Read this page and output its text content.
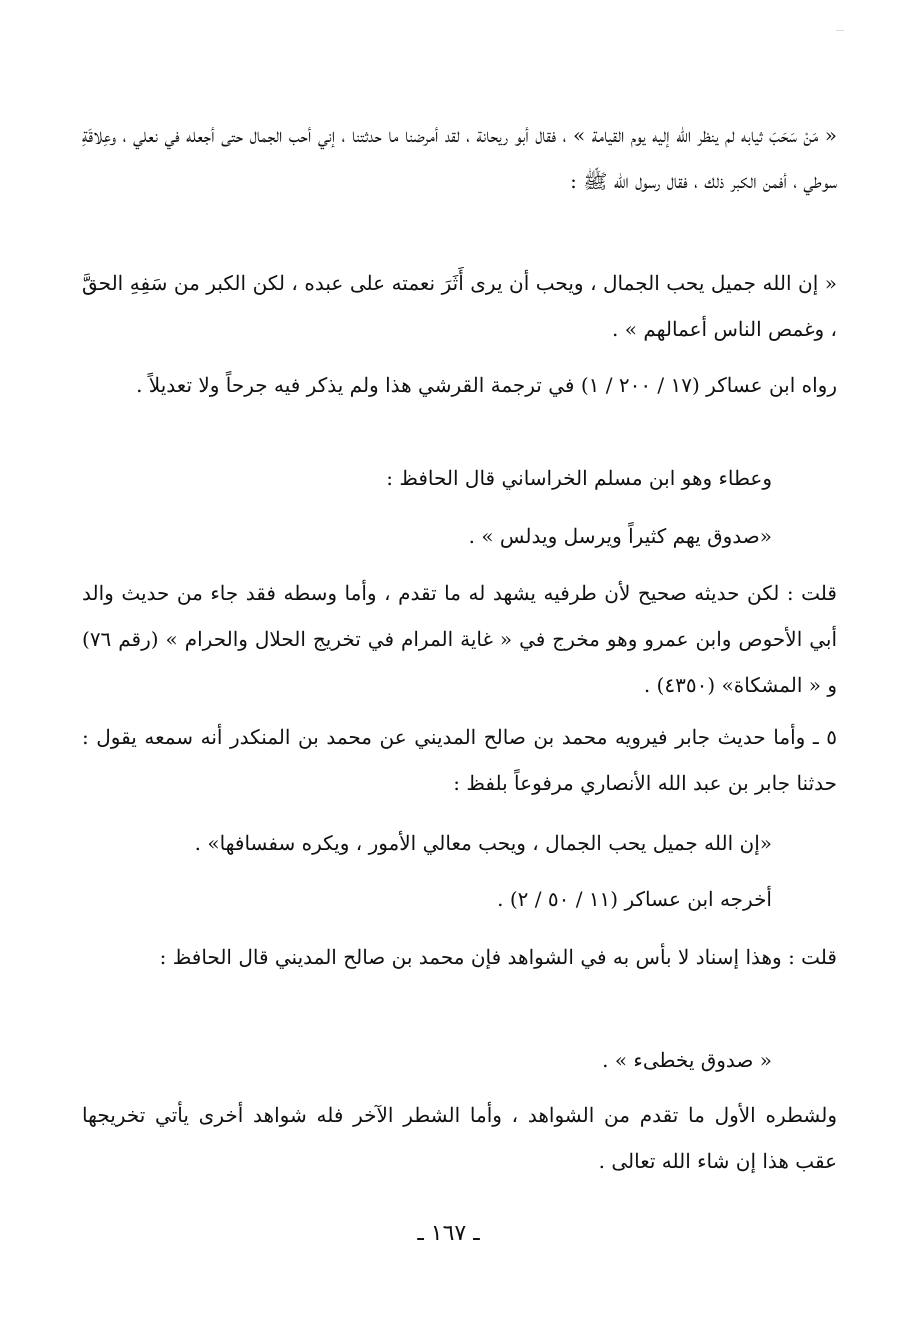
« مَنْ سَحَبَ ثيابه لم ينظر الله إليه يوم القيامة » ، فقال أبو ريحانة ، لقد أمرضنا ما حدثتنا ، إني أحب الجمال حتى أجعله في نعلي ، وعِلاقَةِ سوطي ، أفمن الكبر ذلك ، فقال رسول الله ﷺ :

« إن الله جميل يحب الجمال ، ويحب أن يرى أَثَرَ نعمته على عبده ، لكن الكبر من سَفِهِ الحقَّ ، وغمص الناس أعمالهم » .

رواه ابن عساكر (١٧ / ٢٠٠ / ١) في ترجمة القرشي هذا ولم يذكر فيه جرحاً ولا تعديلاً .

وعطاء وهو ابن مسلم الخراساني قال الحافظ :

«صدوق يهم كثيراً ويرسل ويدلس » .

قلت : لكن حديثه صحيح لأن طرفيه يشهد له ما تقدم ، وأما وسطه فقد جاء من حديث والد أبي الأحوص وابن عمرو وهو مخرج في « غاية المرام في تخريج الحلال والحرام » (رقم ٧٦) و « المشكاة» (٤٣٥٠) .

٥ ـ وأما حديث جابر فيرويه محمد بن صالح المديني عن محمد بن المنكدر أنه سمعه يقول : حدثنا جابر بن عبد الله الأنصاري مرفوعاً بلفظ :

«إن الله جميل يحب الجمال ، ويحب معالي الأمور ، ويكره سفسافها» .

أخرجه ابن عساكر (١١ / ٥٠ / ٢) .

قلت : وهذا إسناد لا بأس به في الشواهد فإن محمد بن صالح المديني قال الحافظ :

« صدوق يخطىء » .

ولشطره الأول ما تقدم من الشواهد ، وأما الشطر الآخر فله شواهد أخرى يأتي تخريجها عقب هذا إن شاء الله تعالى .

ـ ١٦٧ ـ
